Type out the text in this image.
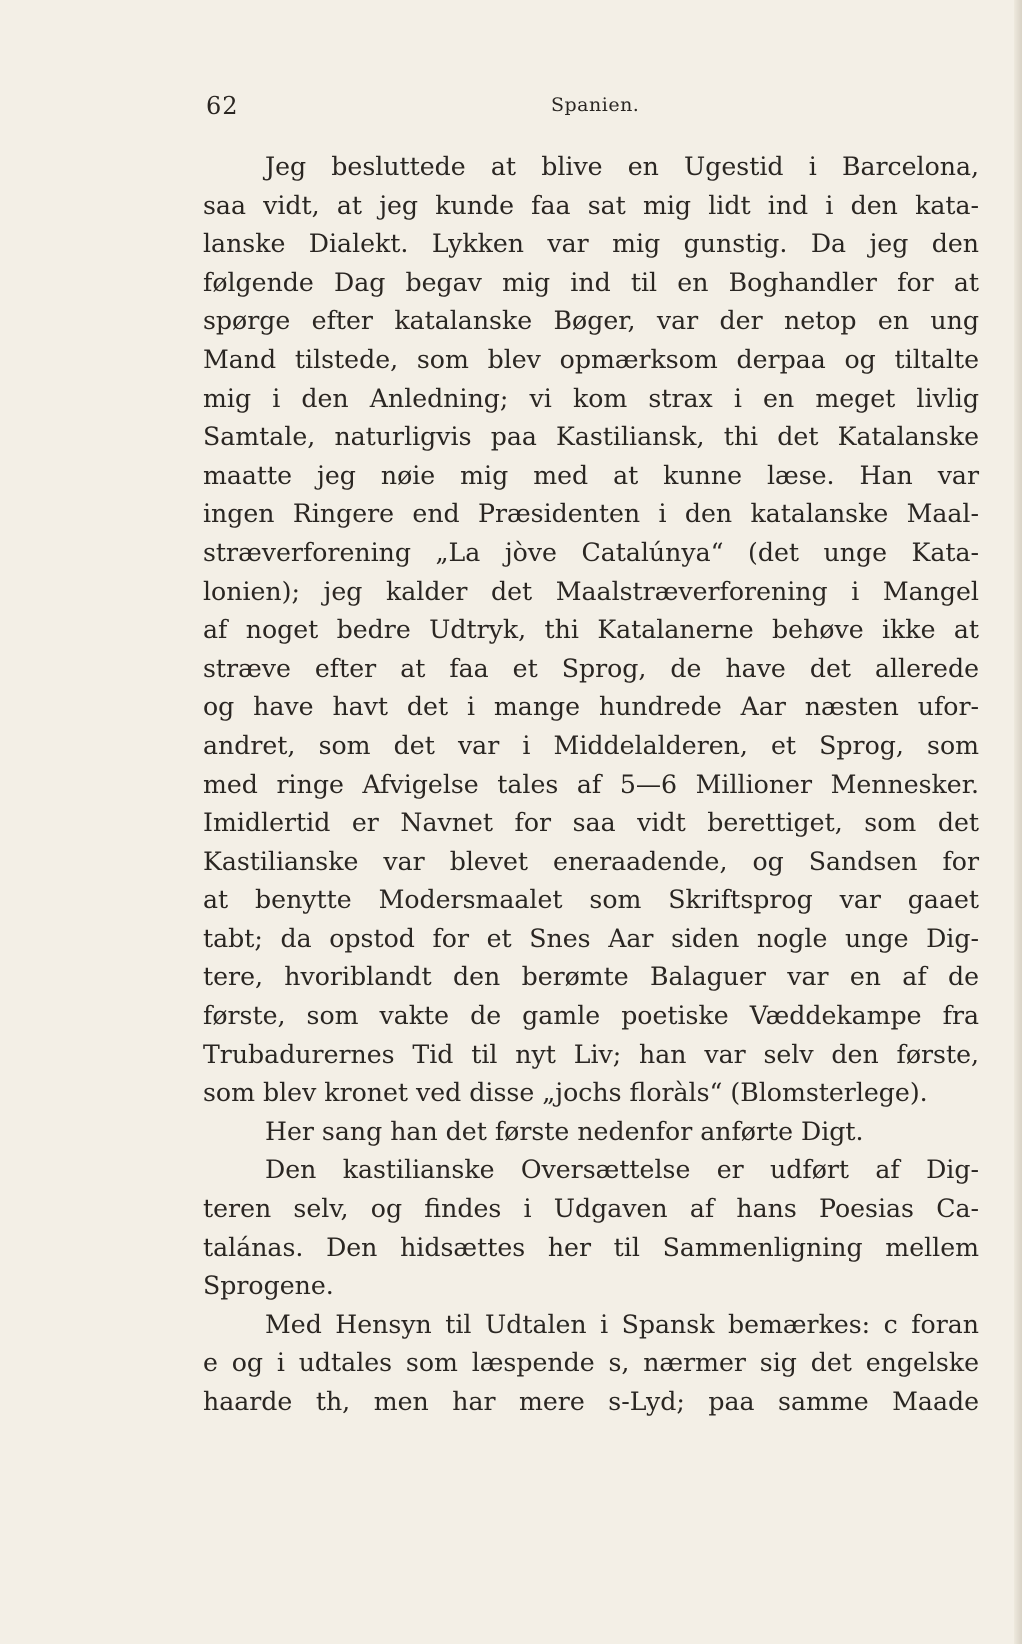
62	Spanien.
Jeg besluttede at blive en Ugestid i Barcelona,
saa vidt, at jeg kunde faa sat mig lidt ind i den kata-
lanske Dialekt. Lykken var mig gunstig. Da jeg den
følgende Dag begav mig ind til en Boghandler for at
spørge efter katalanske Bøger, var der netop en ung
Mand tilstede, som blev opmærksom derpaa og tiltalte
mig i den Anledning; vi kom strax i en meget livlig
Samtale, naturligvis paa Kastiliansk, thi det Katalanske
maatte jeg nøie mig med at kunne læse. Han var
ingen Ringere end Præsidenten i den katalanske Maal-
stræverforening „La jòve Catalúnya“ (det unge Kata-
lonien); jeg kalder det Maalstræverforening i Mangel
af noget bedre Udtryk, thi Katalanerne behøve ikke at
stræve efter at faa et Sprog, de have det allerede
og have havt det i mange hundrede Aar næsten ufor-
andret, som det var i Middelalderen, et Sprog, som
med ringe Afvigelse tales af 5—6 Millioner Mennesker.
Imidlertid er Navnet for saa vidt berettiget, som det
Kastilianske var blevet eneraadende, og Sandsen for
at benytte Modersmaalet som Skriftsprog var gaaet
tabt; da opstod for et Snes Aar siden nogle unge Dig-
tere, hvoriblandt den berømte Balaguer var en af de
første, som vakte de gamle poetiske Væddekampe fra
Trubadurernes Tid til nyt Liv; han var selv den første,
som blev kronet ved disse „jochs floràls“ (Blomsterlege).
Her sang han det første nedenfor anførte Digt.
Den kastilianske Oversættelse er udført af Dig-
teren selv, og findes i Udgaven af hans Poesias Ca-
talánas. Den hidsættes her til Sammenligning mellem
Sprogene.
Med Hensyn til Udtalen i Spansk bemærkes: c foran
e og i udtales som læspende s, nærmer sig det engelske
haarde th, men har mere s-Lyd; paa samme Maade
